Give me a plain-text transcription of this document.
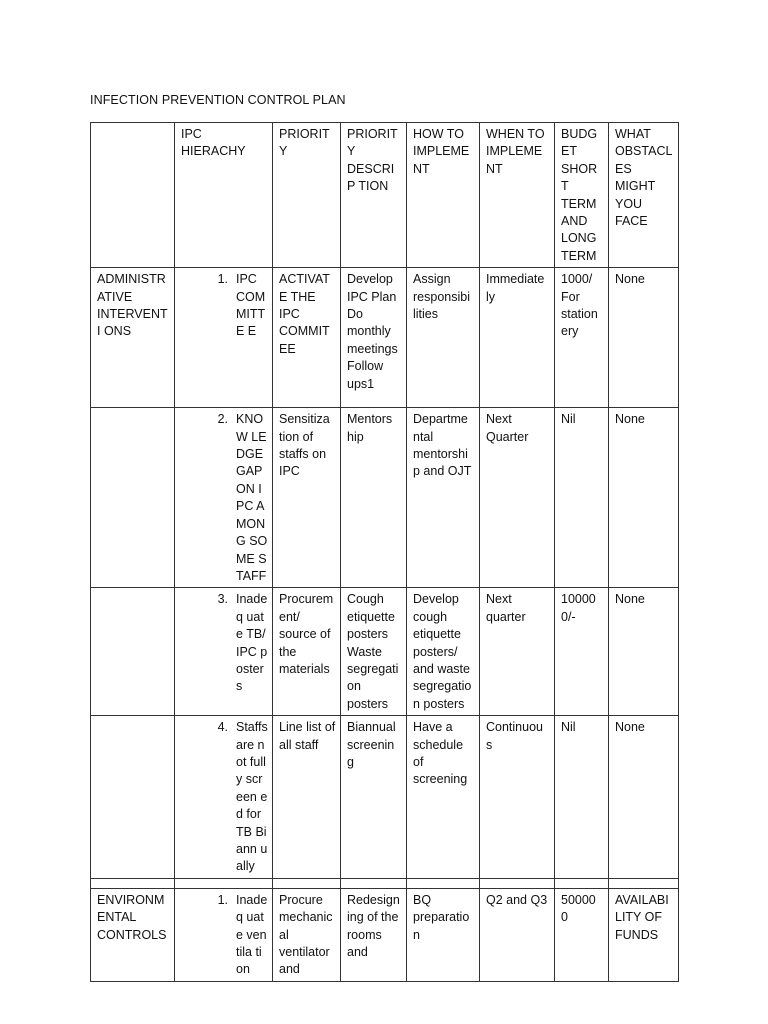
INFECTION PREVENTION CONTROL PLAN
	IPC HIERACHY	PRIORITY	PRIORITY DESCRIP TION	HOW TO IMPLEME NT	WHEN TO IMPLEME NT	BUDG ET SHORT TERM AND LONG TERM	WHAT OBSTACL ES MIGHT YOU FACE
ADMINISTR ATIVE INTERVENTI ONS	1. IPC COM MITTE E	ACTIVATE THE IPC COMMIT EE	Develop IPC Plan Do monthly meetings Follow ups1	Assign responsibi lities	Immediate ly	1000/ For station ery	None

	2. KNOW LEDGE GAP ON IPC AMON G SOME STAFF	Sensitiza tion of staffs on IPC	Mentors hip	Departme ntal mentorshi p and OJT	Next Quarter	Nil	None

	3. Inadeq uate TB/IPC poster s	Procurem ent/ source of the materials	Cough etiquette posters Waste segregati on posters	Develop cough etiquette posters/ and waste segregatio n posters	Next quarter	10000 0/-	None

	4. Staffs are not fully screen ed for TB Biann ually	Line list of all staff	Biannual screenin g	Have a schedule of screening	Continuou s	Nil	None

ENVIRONM ENTAL CONTROLS	1. Inadeq uate ventila tion	Procure mechanic al ventilator and	Redesign ing of the rooms and	BQ preparatio n	Q2 and Q3	50000 0	AVAILABI LITY OF FUNDS
